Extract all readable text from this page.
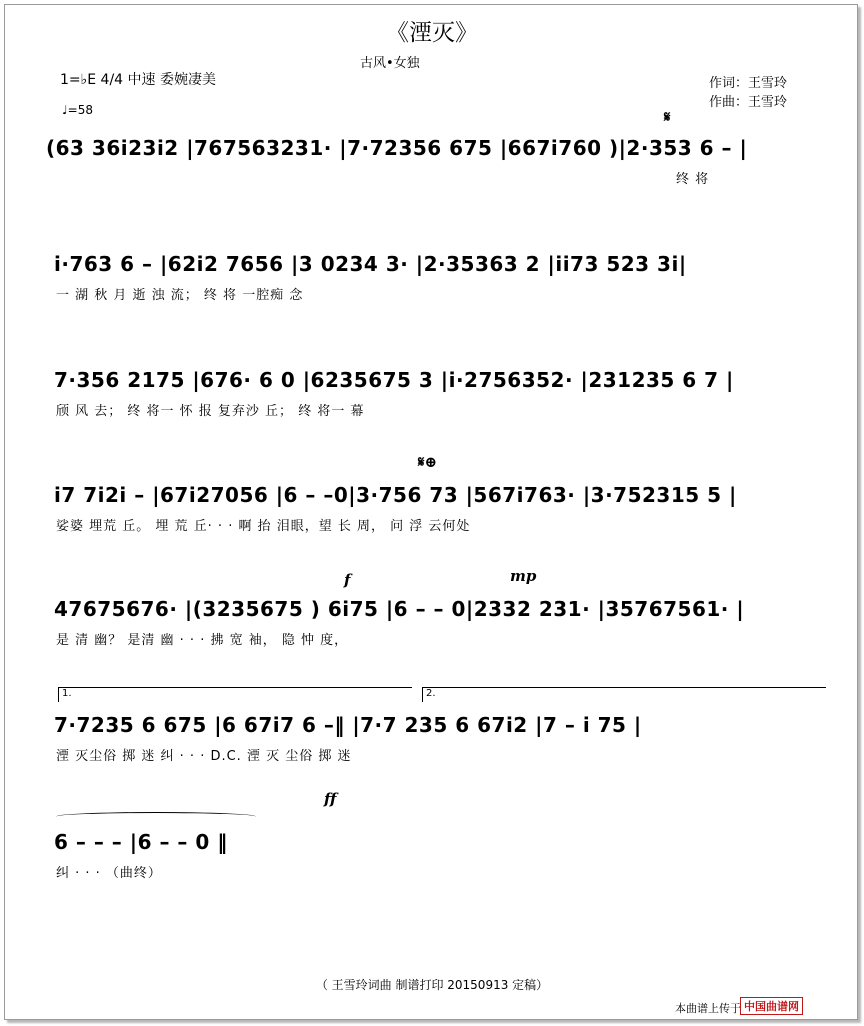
《湮灭》
古风•女独
作词：王雪玲
作曲：王雪玲
1=♭E 4/4 中速 委婉凄美
♩=58	𝄋
(63 36i23i2 |767563231· |7·72356 675 |667i760 )|2·353 6 – |
终 将
i·763 6 – |62i2 7656 |3 0234 3· |2·35363 2 |ii73 523 3i|
一 湖 秋 月 逝 浊 流； 终 将 一腔痴 念
7·356 2175 |676· 6 0 |6235675 3 |i·2756352· |231235 6 7 |
颀 风 去； 终 将一 怀 报 复弃沙 丘； 终 将一 幕
𝄋⊕
i7 7i2i – |67i27056 |6 – –0|3·756 73 |567i763· |3·752315 5 |
娑婆 埋荒 丘。 埋 荒 丘· · · 啊 抬 泪眼，望 长 周， 问 浮 云何处
f	mp
47675676· |(3235675 ) 6i75 |6 – – 0|2332 231· |35767561· |
是 清 幽？ 是清 幽 · · · 拂 宽 袖， 隐 忡 度，
1.	2.
7·7235 6 675 |6 67i7 6 –‖ |7·7 235 6 67i2 |7 – i 75 |
湮 灭尘俗 掷 迷 纠 · · · D.C. 湮 灭 尘俗 掷 迷
ff
6 – – – |6 – – 0 ‖
纠 · · · （曲终）
（ 王雪玲词曲 制谱打印 20150913 定稿）
本曲谱上传于 中国曲谱网
